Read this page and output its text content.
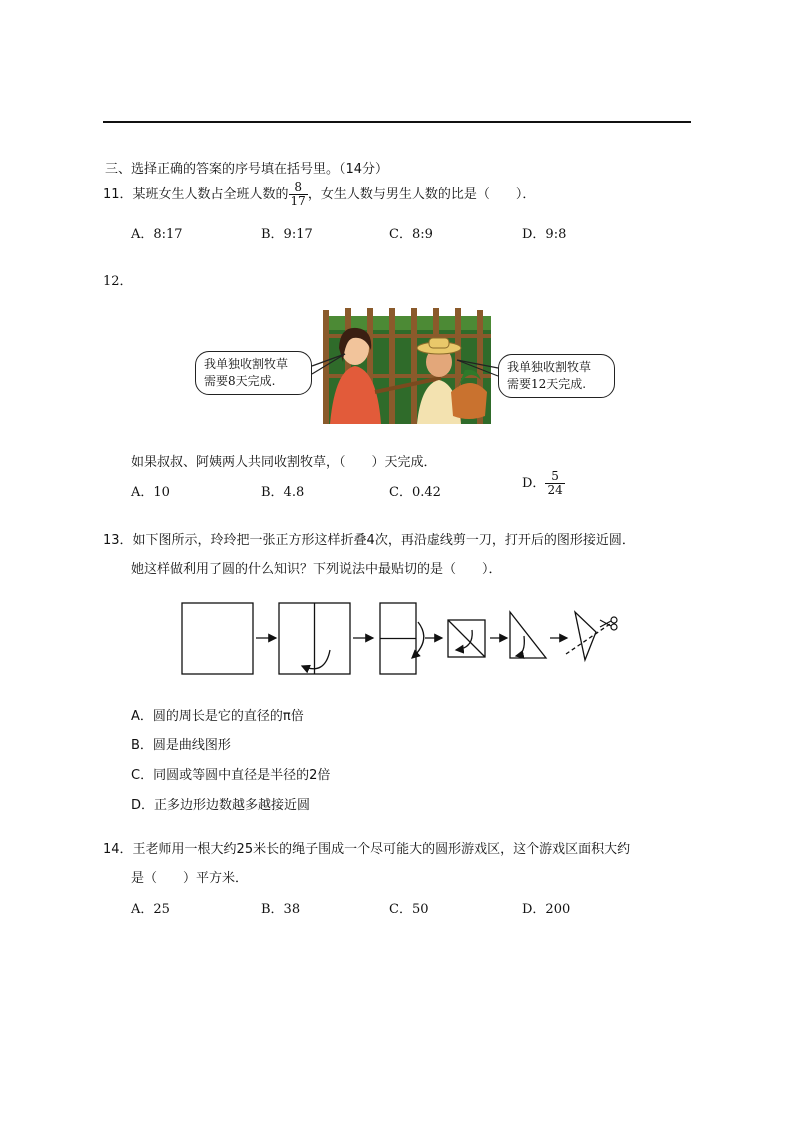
三、选择正确的答案的序号填在括号里。（14分）
11．某班女生人数占全班人数的 $\frac{8}{17}$ ，女生人数与男生人数的比是（　　）．
A．8:17	B．9:17	C．8:9	D．9:8
12．
我单独收割牧草
需要8天完成.
我单独收割牧草
需要12天完成.
如果叔叔、阿姨两人共同收割牧草，（　　）天完成．
A．10	B．4.8	C．0.42
D． $\frac{5}{24}$
13．如下图所示，玲玲把一张正方形这样折叠4次，再沿虚线剪一刀，打开后的图形接近圆．
她这样做利用了圆的什么知识？下列说法中最贴切的是（　　）．
A．圆的周长是它的直径的π倍
B．圆是曲线图形
C．同圆或等圆中直径是半径的2倍
D．正多边形边数越多越接近圆
14．王老师用一根大约25米长的绳子围成一个尽可能大的圆形游戏区，这个游戏区面积大约
是（　　）平方米．
A．25	B．38	C．50	D．200
